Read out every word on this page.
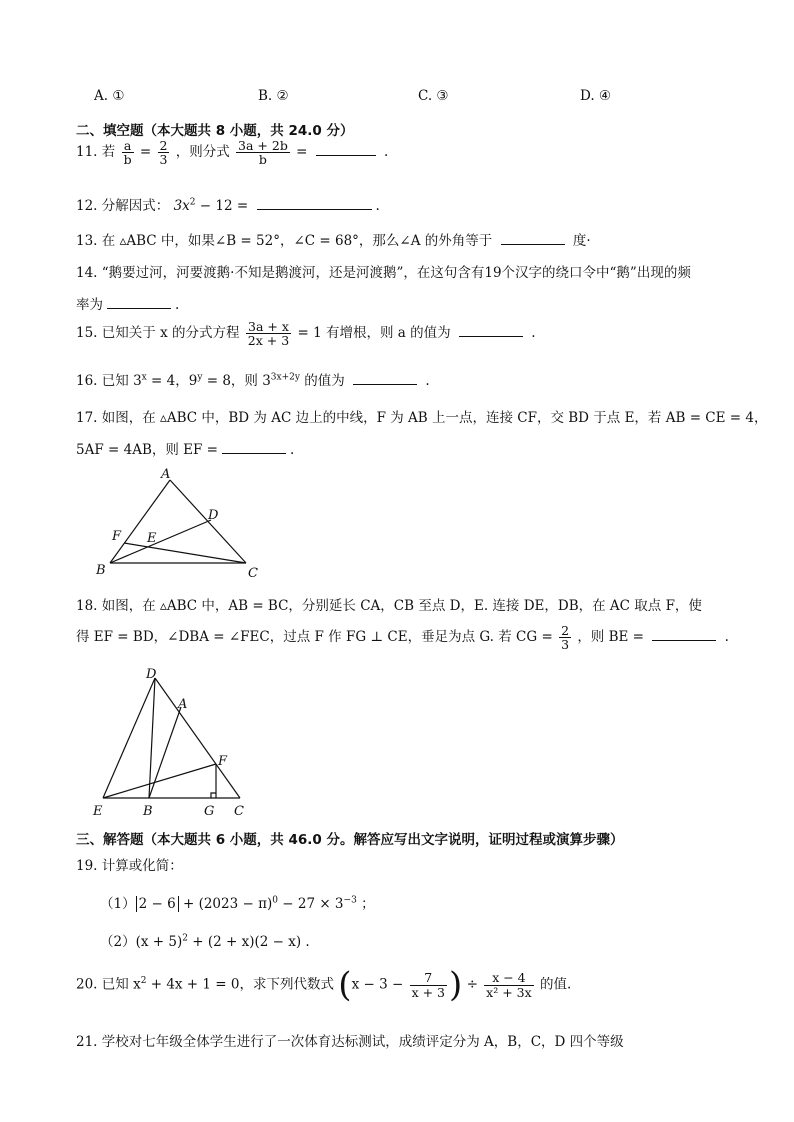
A. ①	B. ②	C. ③	D. ④
二、填空题（本大题共 8 小题，共 24.0 分）
11. 若 $\frac{a}{b} = \frac{2}{3}$ ，则分式 $\frac{3a + 2b}{b}$ =	.
12. 分解因式： $3x^2 - 12$ =	.
13. 在 ▵ABC 中，如果∠B = 52°，∠C = 68°，那么∠A 的外角等于	度·
14. “鹅要过河，河要渡鹅·不知是鹅渡河，还是河渡鹅”，在这句含有19个汉字的绕口令中“鹅”出现的频
率为	.
15. 已知关于 x 的分式方程 $\frac{3a + x}{2x + 3} = 1$ 有增根，则 a 的值为	.
16. 已知 $3^x = 4$，$9^y = 8$，则 $3^{3x+2y}$ 的值为	.
17. 如图，在 ▵ABC 中，BD 为 AC 边上的中线，F 为 AB 上一点，连接 CF，交 BD 于点 E，若 AB = CE = 4，
5AF = 4AB，则 EF =	.
A
B	C
D
E
F
18. 如图，在 ▵ABC 中，AB = BC，分别延长 CA，CB 至点 D，E. 连接 DE，DB，在 AC 取点 F，使
得 EF = BD，∠DBA = ∠FEC，过点 F 作 FG ⊥ CE，垂足为点 G. 若 CG = $\frac{2}{3}$ ，则 BE =	.
D
A
F
E	B	G C
三、解答题（本大题共 6 小题，共 46.0 分。解答应写出文字说明，证明过程或演算步骤）
19. 计算或化简：
（1） $2 - 6 + (2023 - \pi)^0 - 27 \times 3^{-3}$ ；
$(2)(x + 5)^2 + (2 + x)(2 - x)$ .
20. 已知 $x^2 + 4x + 1 = 0$，求下列代数式 ($x - 3 - \frac{7}{x + 3}$ ) ÷ $\frac{x - 4}{\text{x² + 3x}}$ 的值.
21. 学校对七年级全体学生进行了一次体育达标测试，成绩评定分为 A，B，C，D 四个等级
